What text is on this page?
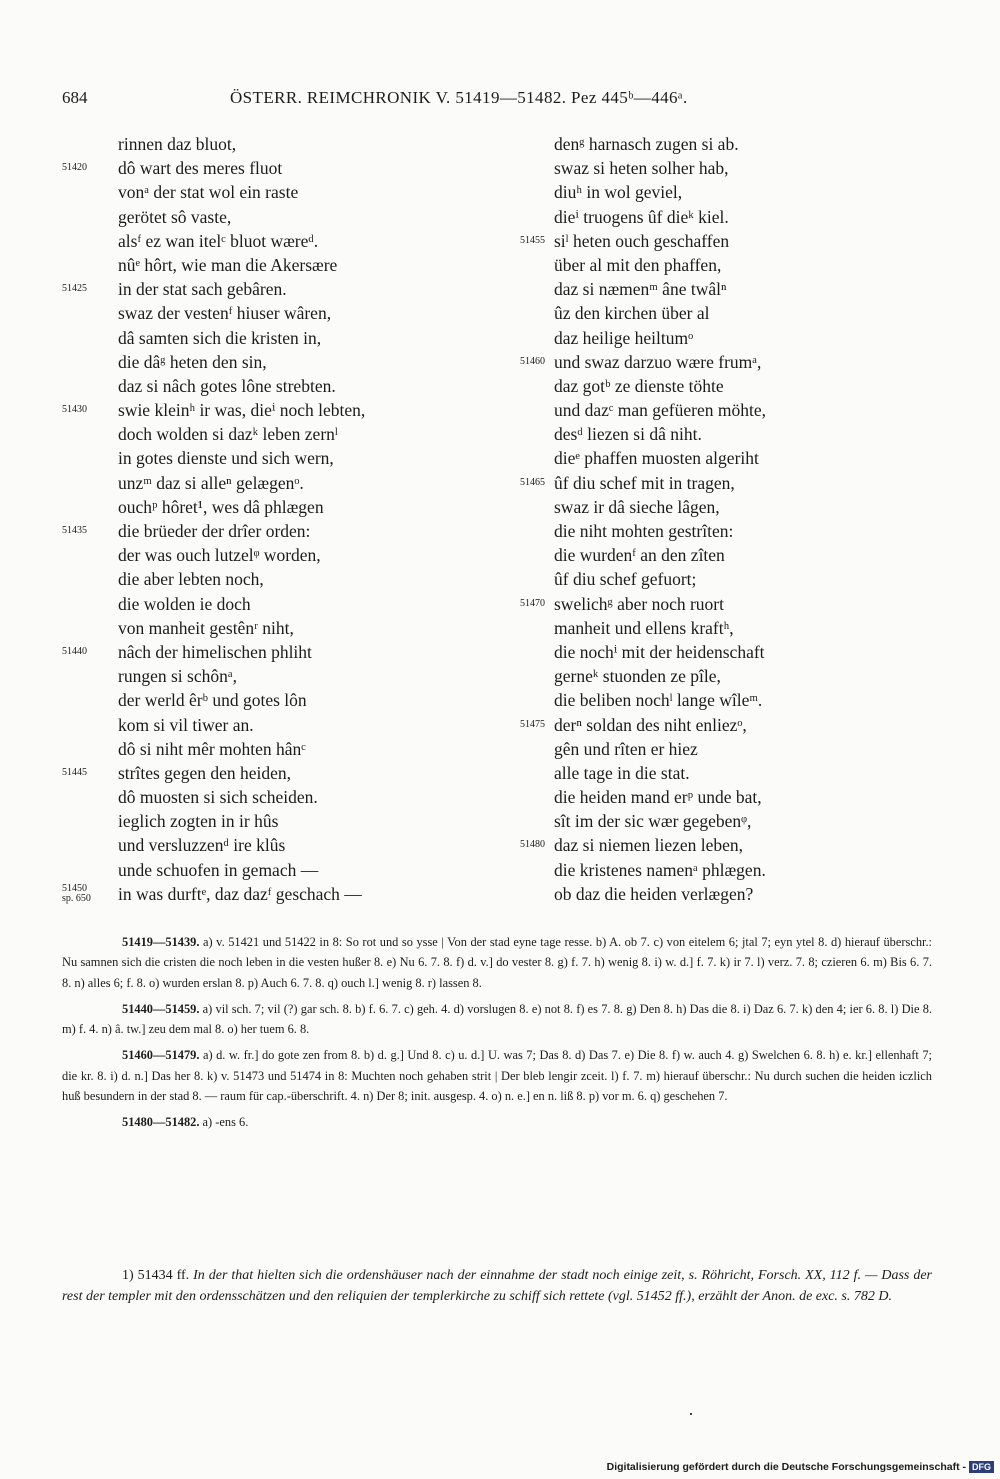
684	ÖSTERR. REIMCHRONIK V. 51419—51482. Pez 445ᵇ—446ᵃ.
rinnen daz bluot,
51420 dô wart des meres fluot
vonᵃ der stat wol ein raste
gerötet sô vaste,
alsᶠ ez wan itelᶜ bluot wæreᵈ.
nûᵉ hôrt, wie man die Akersære
51425 in der stat sach gebâren.
swaz der vestenᶠ hiuser wâren,
dâ samten sich die kristen in,
die dâᵍ heten den sin,
daz si nâch gotes lône strebten.
51430 swie kleinʰ ir was, dieⁱ noch lebten,
doch wolden si dazᵏ leben zernˡ
in gotes dienste und sich wern,
unzᵐ daz si alleⁿ gelægenᵒ.
ouchᵖ hôret¹, wes dâ phlægen
51435 die brüeder der drîer orden:
der was ouch lutzelᵠ worden,
die aber lebten noch,
die wolden ie doch
von manheit gestênʳ niht,
51440 nâch der himelischen phliht
rungen si schônᵃ,
der werld êrᵇ und gotes lôn
kom si vil tiwer an.
dô si niht mêr mohten hânᶜ
51445 strîtes gegen den heiden,
dô muosten si sich scheiden.
ieglich zogten in ir hûs
und versluzzenᵈ ire klûs
unde schuofen in gemach —
51450
sp. 650 in was durftᵉ, daz dazᶠ geschach —
denᵍ harnasch zugen si ab.
swaz si heten solher hab,
diuʰ in wol geviel,
dieⁱ truogens ûf dieᵏ kiel.
51455 siˡ heten ouch geschaffen
über al mit den phaffen,
daz si næmenᵐ âne twâlⁿ
ûz den kirchen über al
daz heilige heiltumᵒ
51460 und swaz darzuo wære frumᵃ,
daz gotᵇ ze dienste töhte
und dazᶜ man gefüeren möhte,
desᵈ liezen si dâ niht.
dieᵉ phaffen muosten algeriht
51465 ûf diu schef mit in tragen,
swaz ir dâ sieche lâgen,
die niht mohten gestrîten:
die wurdenᶠ an den zîten
ûf diu schef gefuort;
51470 swelichᵍ aber noch ruort
manheit und ellens kraftʰ,
die nochⁱ mit der heidenschaft
gerneᵏ stuonden ze pîle,
die beliben nochˡ lange wîleᵐ.
51475 derⁿ soldan des niht enliezᵒ,
gên und rîten er hiez
alle tage in die stat.
die heiden mand erᵖ unde bat,
sît im der sic wær gegebenᵠ,
51480 daz si niemen liezen leben,
die kristenes namenᵃ phlægen.
ob daz die heiden verlægen?
51419—51439. a) v. 51421 und 51422 in 8: So rot und so ysse | Von der stad eyne tage resse. b) A. ob 7. c) von eitelem 6; jtal 7; eyn ytel 8. d) hierauf überschr.: Nu samnen sich die cristen die noch leben in die vesten hußer 8. e) Nu 6. 7. 8. f) d. v.] do vester 8. g) f. 7. h) wenig 8. i) w. d.] f. 7. k) ir 7. l) verz. 7. 8; czieren 6. m) Bis 6. 7. 8. n) alles 6; f. 8. o) wurden erslan 8. p) Auch 6. 7. 8. q) ouch l.] wenig 8. r) lassen 8.
51440—51459. a) vil sch. 7; vil (?) gar sch. 8. b) f. 6. 7. c) geh. 4. d) vorslugen 8. e) not 8. f) es 7. 8. g) Den 8. h) Das die 8. i) Daz 6. 7. k) den 4; ier 6. 8. l) Die 8. m) f. 4. n) â. tw.] zeu dem mal 8. o) her tuem 6. 8.
51460—51479. a) d. w. fr.] do gote zen from 8. b) d. g.] Und 8. c) u. d.] U. was 7; Das 8. d) Das 7. e) Die 8. f) w. auch 4. g) Swelchen 6. 8. h) e. kr.] ellenhaft 7; die kr. 8. i) d. n.] Das her 8. k) v. 51473 und 51474 in 8: Muchten noch gehaben strit | Der bleb lengir zceit. l) f. 7. m) hierauf überschr.: Nu durch suchen die heiden iczlich huß besundern in der stad 8. — raum für cap.-überschrift. 4. n) Der 8; init. ausgesp. 4. o) n. e.] en n. liß 8. p) vor m. 6. q) geschehen 7.
51480—51482. a) -ens 6.
1) 51434 ff. In der that hielten sich die ordenshäuser nach der einnahme der stadt noch einige zeit, s. Röhricht, Forsch. XX, 112 f. — Dass der rest der templer mit den ordensschätzen und den reliquien der templerkirche zu schiff sich rettete (vgl. 51452 ff.), erzählt der Anon. de exc. s. 782 D.
Digitalisierung gefördert durch die Deutsche Forschungsgemeinschaft - DFG
